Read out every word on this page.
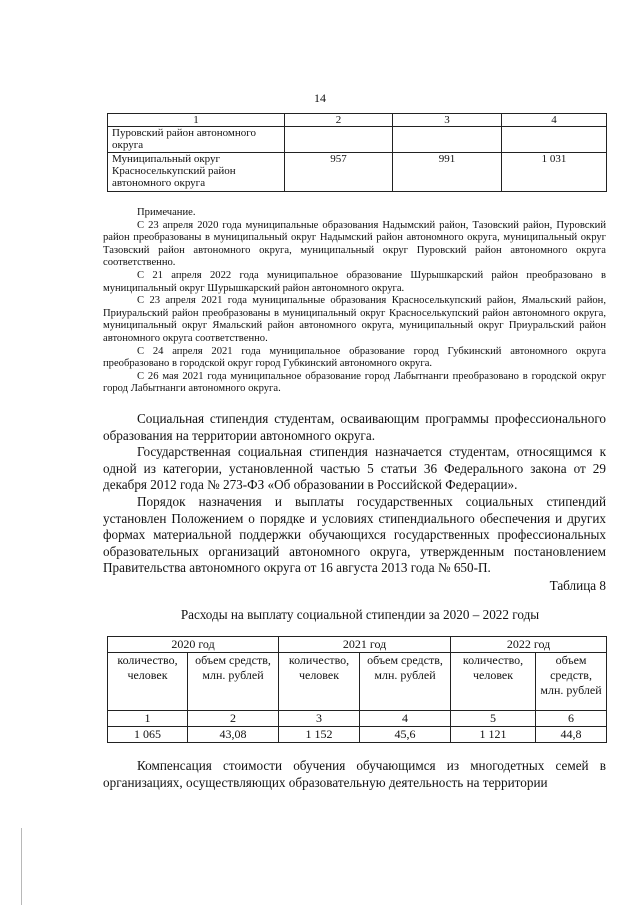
14
1	2	3	4
Пуровский район автономного округа			
Муниципальный округ Красноселькупский район автономного округа	957	991	1 031

Примечание.

С 23 апреля 2020 года муниципальные образования Надымский район, Тазовский район, Пуровский район преобразованы в муниципальный округ Надымский район автономного округа, муниципальный округ Тазовский район автономного округа, муниципальный округ Пуровский район автономного округа соответственно.

С 21 апреля 2022 года муниципальное образование Шурышкарский район преобразовано в муниципальный округ Шурышкарский район автономного округа.

С 23 апреля 2021 года муниципальные образования Красноселькупский район, Ямальский район, Приуральский район преобразованы в муниципальный округ Красноселькупский район автономного округа, муниципальный округ Ямальский район автономного округа, муниципальный округ Приуральский район автономного округа соответственно.

С 24 апреля 2021 года муниципальное образование город Губкинский автономного округа преобразовано в городской округ город Губкинский автономного округа.

С 26 мая 2021 года муниципальное образование город Лабытнанги преобразовано в городской округ город Лабытнанги автономного округа.

Социальная стипендия студентам, осваивающим программы профессионального образования на территории автономного округа.

Государственная социальная стипендия назначается студентам, относящимся к одной из категории, установленной частью 5 статьи 36 Федерального закона от 29 декабря 2012 года № 273-ФЗ «Об образовании в Российской Федерации».

Порядок назначения и выплаты государственных социальных стипендий установлен Положением о порядке и условиях стипендиального обеспечения и других формах материальной поддержки обучающихся государственных профессиональных образовательных организаций автономного округа, утвержденным постановлением Правительства автономного округа от 16 августа 2013 года № 650-П.

Таблица 8
Расходы на выплату социальной стипендии за 2020 – 2022 годы
2020 год		2021 год		2022 год	
количество, человек	объем средств, млн. рублей	количество, человек	объем средств, млн. рублей	количество, человек	объем средств, млн. рублей
1	2	3	4	5	6
1 065	43,08	1 152	45,6	1 121	44,8

Компенсация стоимости обучения обучающимся из многодетных семей в организациях, осуществляющих образовательную деятельность на территории
